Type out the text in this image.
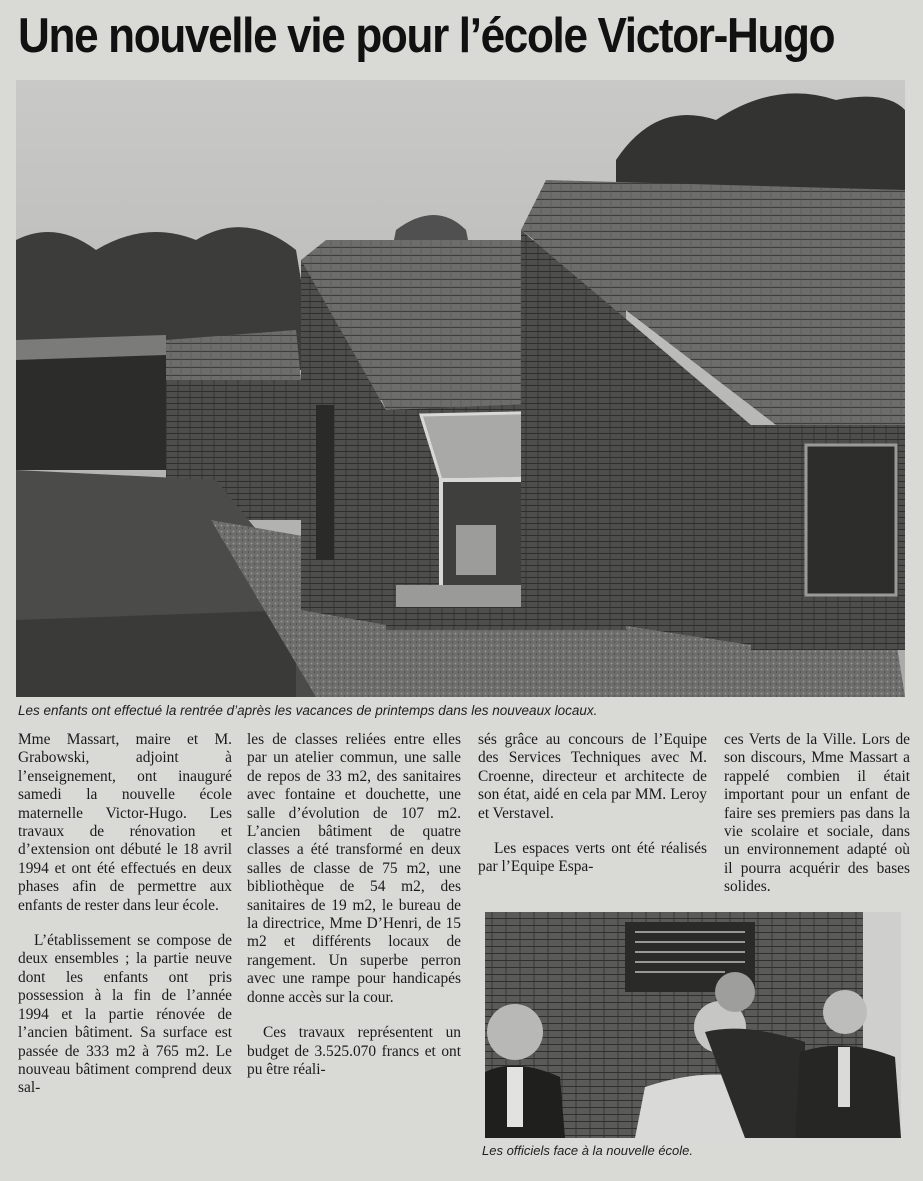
Une nouvelle vie pour l’école Victor-Hugo
Les enfants ont effectué la rentrée d’après les vacances de printemps dans les nouveaux locaux.

Mme Massart, maire et M. Grabowski, adjoint à l’enseignement, ont inauguré samedi la nouvelle école maternelle Victor-Hugo. Les travaux de rénovation et d’extension ont débuté le 18 avril 1994 et ont été effectués en deux phases afin de permettre aux enfants de rester dans leur école.

L’établissement se compose de deux ensembles ; la partie neuve dont les enfants ont pris possession à la fin de l’année 1994 et la partie rénovée de l’ancien bâtiment. Sa surface est passée de 333 m2 à 765 m2. Le nouveau bâtiment comprend deux sal-

les de classes reliées entre elles par un atelier commun, une salle de repos de 33 m2, des sanitaires avec fontaine et douchette, une salle d’évolution de 107 m2. L’ancien bâtiment de quatre classes a été transformé en deux salles de classe de 75 m2, une bibliothèque de 54 m2, des sanitaires de 19 m2, le bureau de la directrice, Mme D’Henri, de 15 m2 et différents locaux de rangement. Un superbe perron avec une rampe pour handicapés donne accès sur la cour.

Ces travaux représentent un budget de 3.525.070 francs et ont pu être réali-

sés grâce au concours de l’Equipe des Services Techniques avec M. Croenne, directeur et architecte de son état, aidé en cela par MM. Leroy et Verstavel.

Les espaces verts ont été réalisés par l’Equipe Espa-

ces Verts de la Ville. Lors de son discours, Mme Massart a rappelé combien il était important pour un enfant de faire ses premiers pas dans la vie scolaire et sociale, dans un environnement adapté où il pourra acquérir des bases solides.

Les officiels face à la nouvelle école.
